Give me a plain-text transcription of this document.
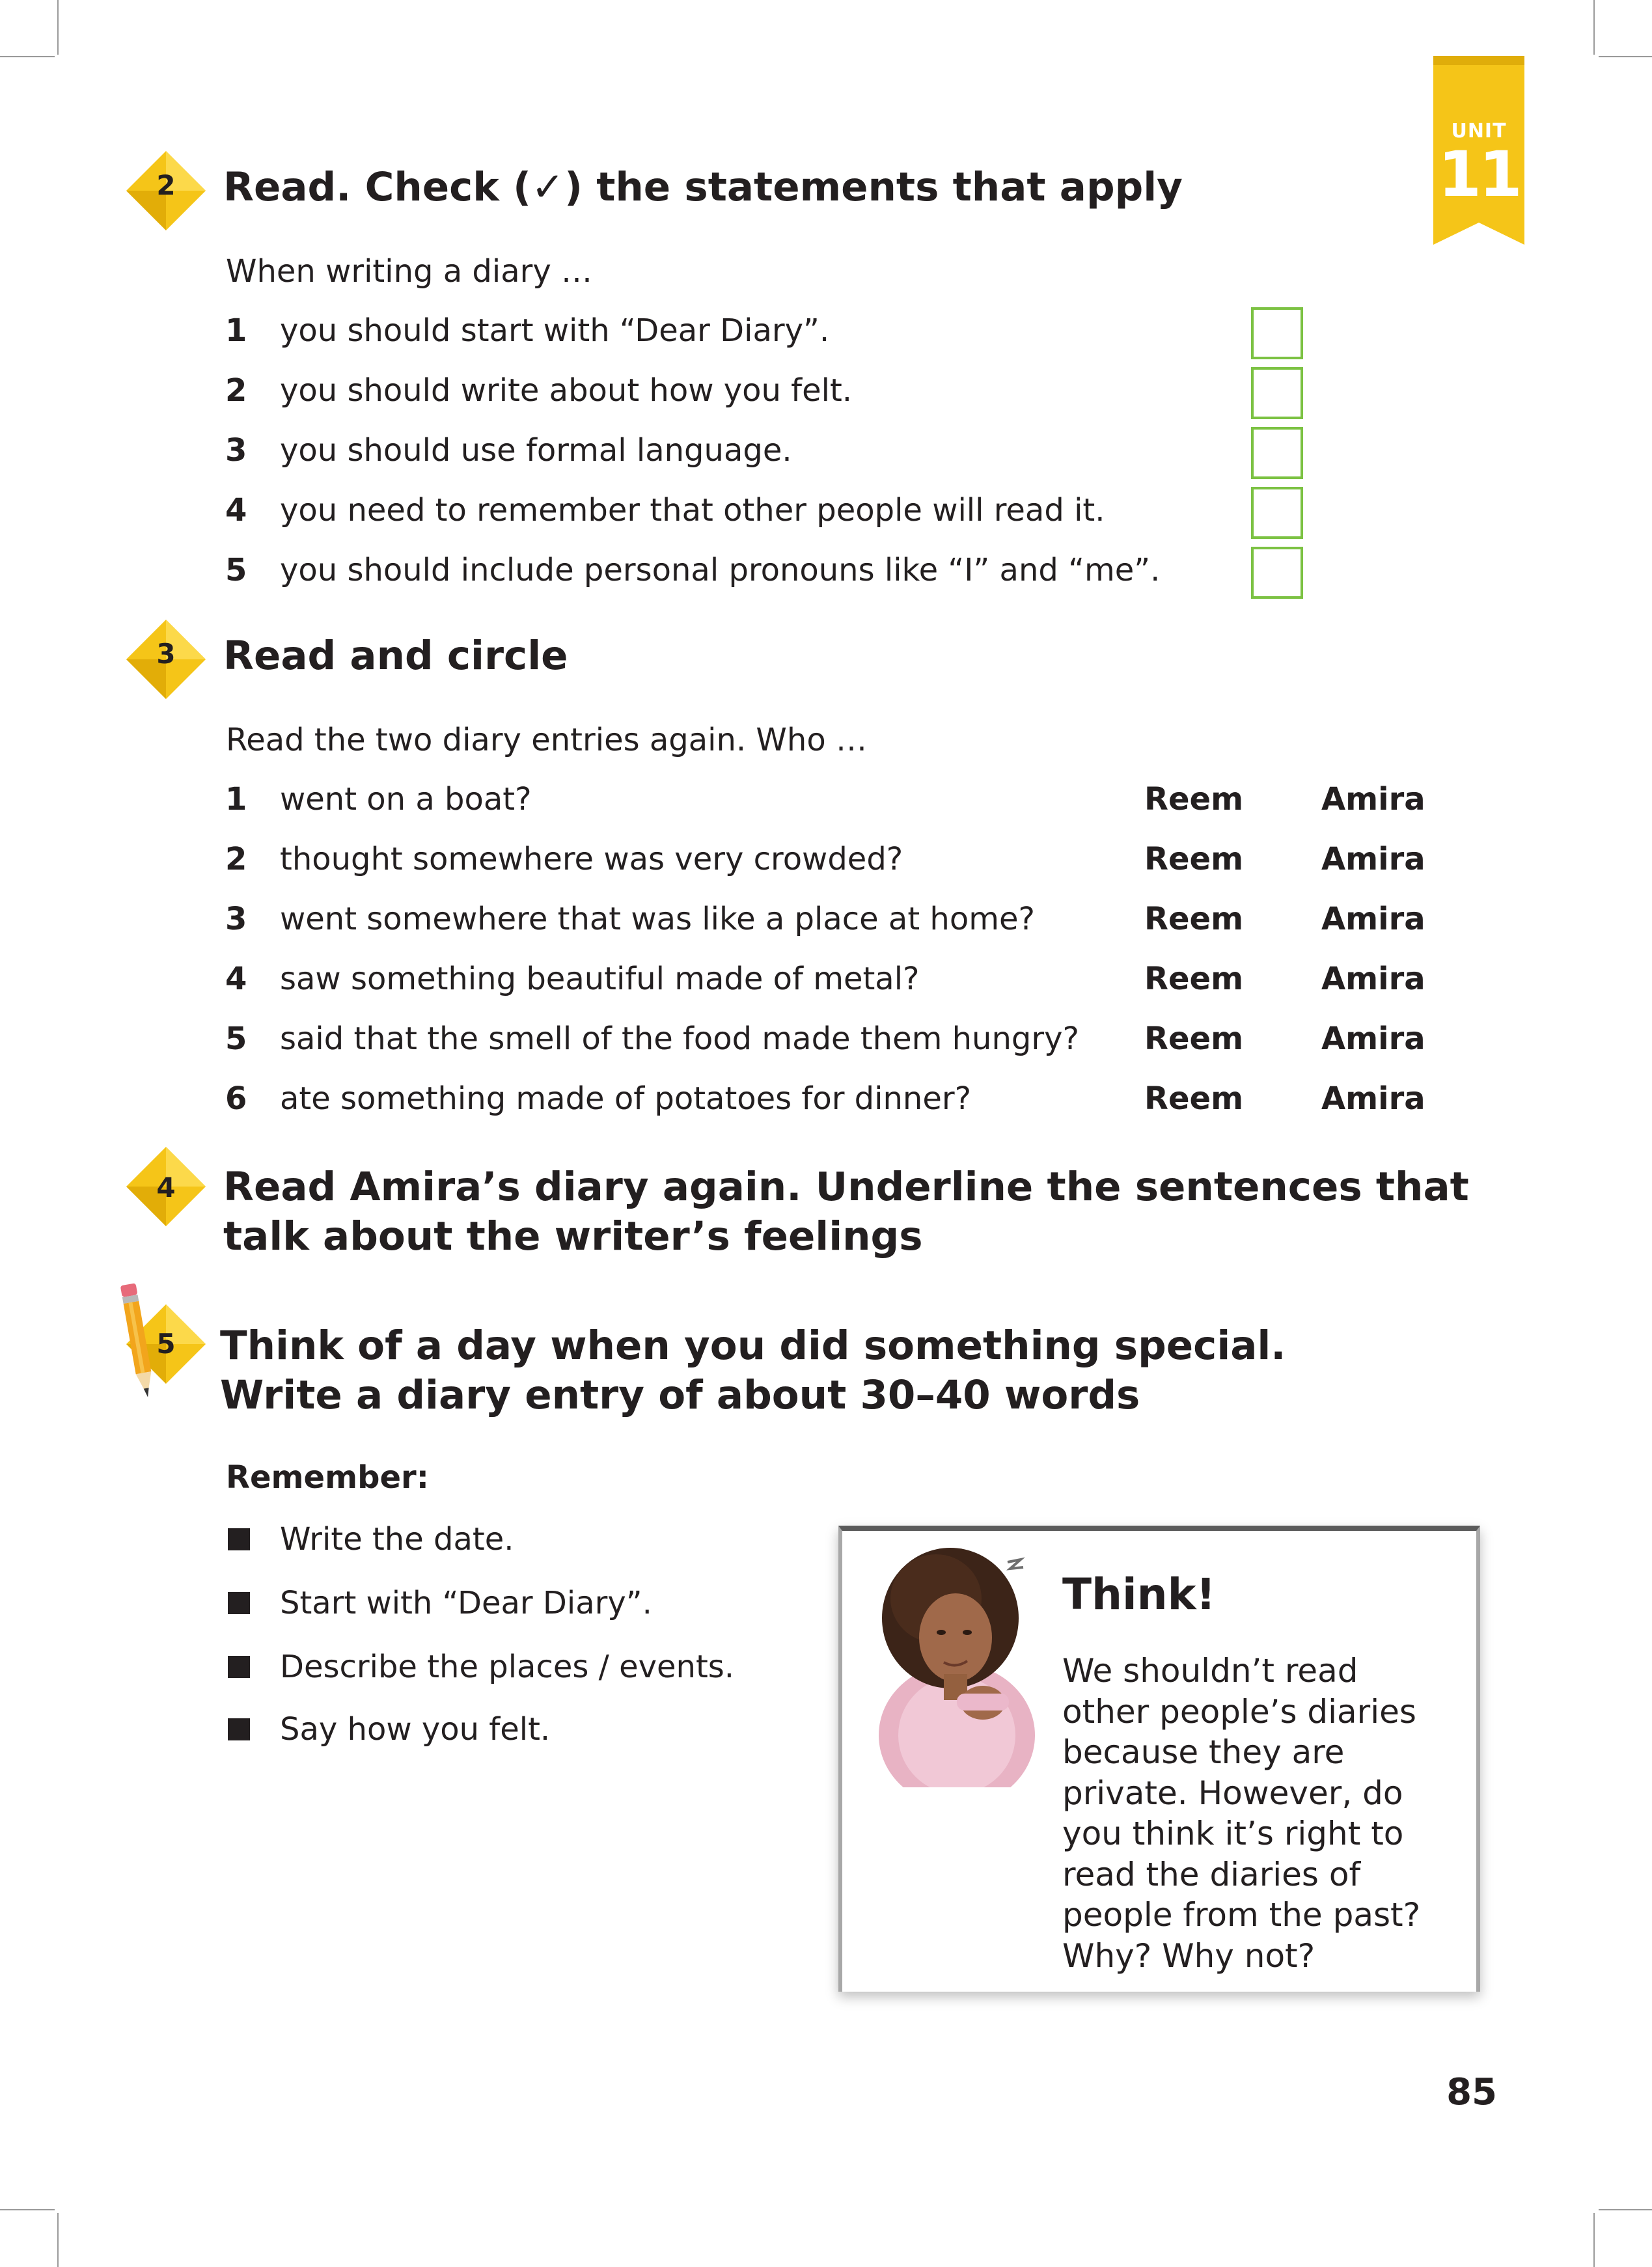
UNIT
11
2	Read. Check (✓) the statements that apply
When writing a diary …
1 you should start with “Dear Diary”.
2 you should write about how you felt.
3 you should use formal language.
4 you need to remember that other people will read it.
5 you should include personal pronouns like “I” and “me”.
3	Read and circle
Read the two diary entries again. Who …
1 went on a boat?	Reem Amira
2 thought somewhere was very crowded?	Reem Amira
3 went somewhere that was like a place at home?	Reem Amira
4 saw something beautiful made of metal?	Reem Amira
5 said that the smell of the food made them hungry? Reem Amira
6 ate something made of potatoes for dinner?	Reem Amira
4	Read Amira’s diary again. Underline the sentences that
talk about the writer’s feelings
5	Think of a day when you did something special.
Write a diary entry of about 30–40 words
Remember:
Write the date.
Start with “Dear Diary”.
Describe the places / events.
Say how you felt.
Think!
We shouldn’t read
other people’s diaries
because they are
private. However, do
you think it’s right to
read the diaries of
people from the past?
Why? Why not?
85
